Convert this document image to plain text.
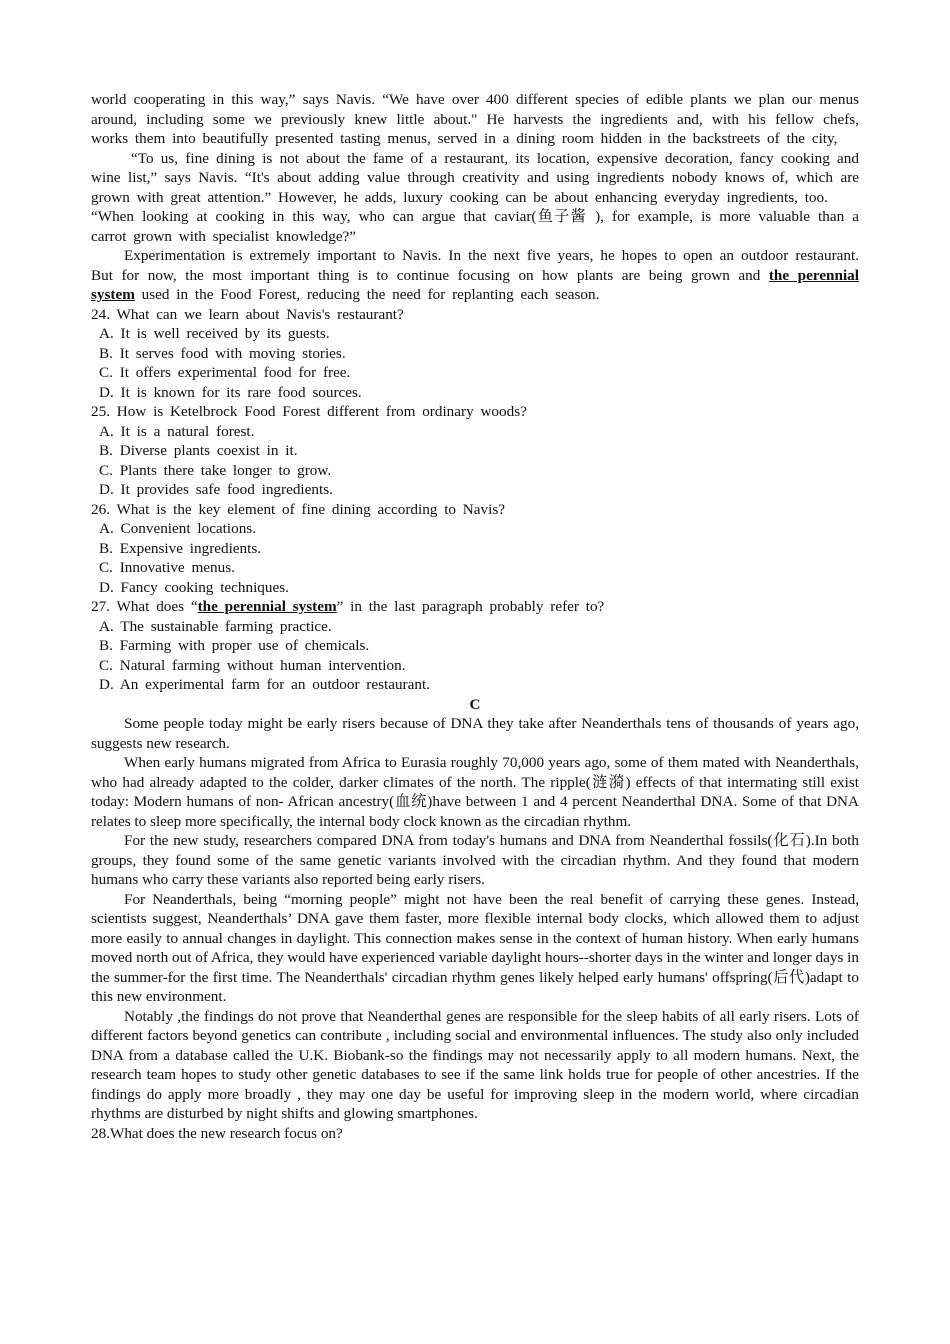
world cooperating in this way,” says Navis. “We have over 400 different species of edible plants we plan our menus around, including some we previously knew little about." He harvests the ingredients and, with his fellow chefs, works them into beautifully presented tasting menus, served in a dining room hidden in the backstreets of the city,

“To us, fine dining is not about the fame of a restaurant, its location, expensive decoration, fancy cooking and wine list,” says Navis. “It's about adding value through creativity and using ingredients nobody knows of, which are grown with great attention.” However, he adds, luxury cooking can be about enhancing everyday ingredients, too.

“When looking at cooking in this way, who can argue that caviar(鱼子酱 ), for example, is more valuable than a carrot grown with specialist knowledge?”

Experimentation is extremely important to Navis. In the next five years, he hopes to open an outdoor restaurant. But for now, the most important thing is to continue focusing on how plants are being grown and the perennial system used in the Food Forest, reducing the need for replanting each season.

24. What can we learn about Navis's restaurant?

A. It is well received by its guests.

B. It serves food with moving stories.

C. It offers experimental food for free.

D. It is known for its rare food sources.

25. How is Ketelbrock Food Forest different from ordinary woods?

A. It is a natural forest.

B. Diverse plants coexist in it.

C. Plants there take longer to grow.

D. It provides safe food ingredients.

26. What is the key element of fine dining according to Navis?

A. Convenient locations.

B. Expensive ingredients.

C. Innovative menus.

D. Fancy cooking techniques.

27. What does “the perennial system” in the last paragraph probably refer to?

A. The sustainable farming practice.

B. Farming with proper use of chemicals.

C. Natural farming without human intervention.

D. An experimental farm for an outdoor restaurant.

C

Some people today might be early risers because of DNA they take after Neanderthals tens of thousands of years ago, suggests new research.

When early humans migrated from Africa to Eurasia roughly 70,000 years ago, some of them mated with Neanderthals, who had already adapted to the colder, darker climates of the north. The ripple(涟漪) effects of that intermating still exist today: Modern humans of non- African ancestry(血统)have between 1 and 4 percent Neanderthal DNA. Some of that DNA relates to sleep more specifically, the internal body clock known as the circadian rhythm.

For the new study, researchers compared DNA from today's humans and DNA from Neanderthal fossils(化石).In both groups, they found some of the same genetic variants involved with the circadian rhythm. And they found that modern humans who carry these variants also reported being early risers.

For Neanderthals, being “morning people” might not have been the real benefit of carrying these genes. Instead, scientists suggest, Neanderthals’ DNA gave them faster, more flexible internal body clocks, which allowed them to adjust more easily to annual changes in daylight. This connection makes sense in the context of human history. When early humans moved north out of Africa, they would have experienced variable daylight hours--shorter days in the winter and longer days in the summer-for the first time. The Neanderthals' circadian rhythm genes likely helped early humans' offspring(后代)adapt to this new environment.

Notably ,the findings do not prove that Neanderthal genes are responsible for the sleep habits of all early risers. Lots of different factors beyond genetics can contribute , including social and environmental influences. The study also only included DNA from a database called the U.K. Biobank-so the findings may not necessarily apply to all modern humans. Next, the research team hopes to study other genetic databases to see if the same link holds true for people of other ancestries. If the findings do apply more broadly , they may one day be useful for improving sleep in the modern world, where circadian rhythms are disturbed by night shifts and glowing smartphones.

28.What does the new research focus on?
